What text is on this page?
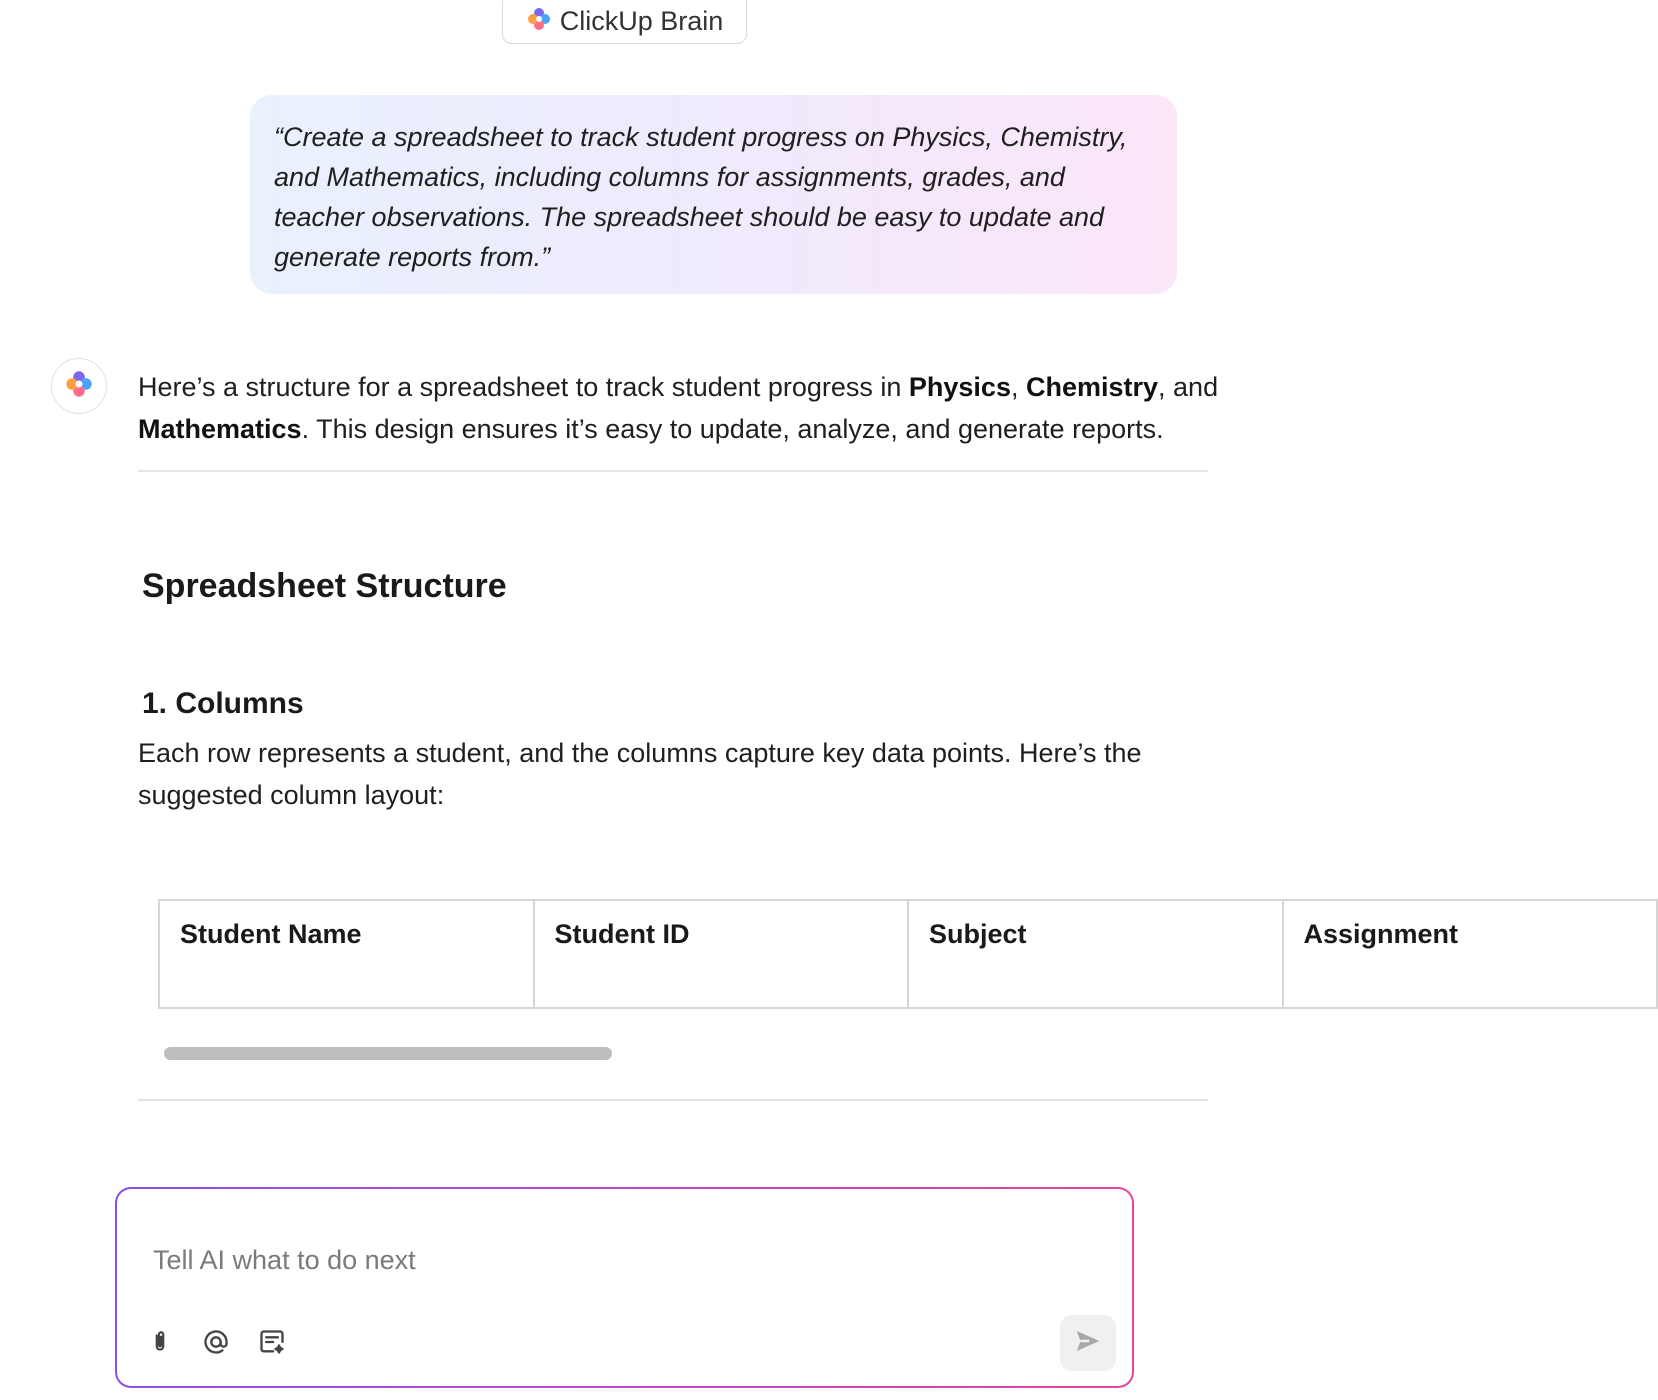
ClickUp Brain

“Create a spreadsheet to track student progress on Physics, Chemistry, and Mathematics, including columns for assignments, grades, and teacher observations. The spreadsheet should be easy to update and generate reports from.”

Here’s a structure for a spreadsheet to track student progress in Physics, Chemistry, and Mathematics. This design ensures it’s easy to update, analyze, and generate reports.

Spreadsheet Structure
1. Columns

Each row represents a student, and the columns capture key data points. Here’s the suggested column layout:

Student Name	Student ID	Subject	Assignment
Tell AI what to do next
